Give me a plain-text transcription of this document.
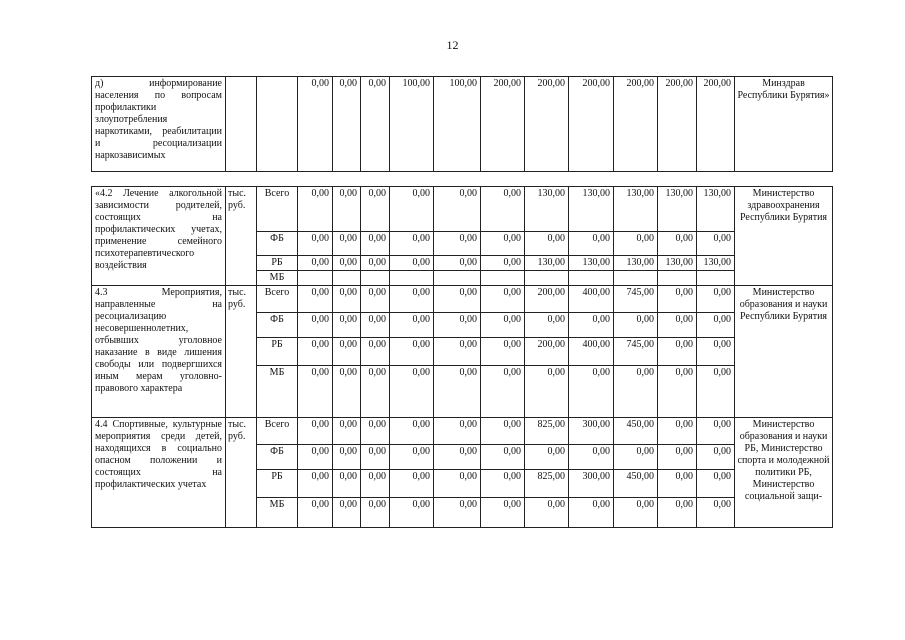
12
д) информирование населения по вопросам профилактики злоупотребления наркотиками, реабилитации и ресоциализации наркозависимых			0,00	0,00	0,00	100,00	100,00	200,00	200,00	200,00	200,00	200,00	200,00	Минздрав Республики Бурятия»
«4.2 Лечение алкогольной зависимости родителей, состоящих на профилактических учетах, применение семейного психотерапевтического воздействия	тыс. руб.	Всего	0,00	0,00	0,00	0,00	0,00	0,00	130,00	130,00	130,00	130,00	130,00	Министерство здравоохранения Республики Бурятия
		ФБ	0,00	0,00	0,00	0,00	0,00	0,00	0,00	0,00	0,00	0,00	0,00	
		РБ	0,00	0,00	0,00	0,00	0,00	0,00	130,00	130,00	130,00	130,00	130,00	
		МБ												
4.3 Мероприятия, направленные на ресоциализацию несовершеннолетних, отбывших уголовное наказание в виде лишения свободы или подвергшихся иным мерам уголовно-правового характера	тыс. руб.	Всего	0,00	0,00	0,00	0,00	0,00	0,00	200,00	400,00	745,00	0,00	0,00	Министерство образования и науки Республики Бурятия
		ФБ	0,00	0,00	0,00	0,00	0,00	0,00	0,00	0,00	0,00	0,00	0,00	
		РБ	0,00	0,00	0,00	0,00	0,00	0,00	200,00	400,00	745,00	0,00	0,00	
		МБ	0,00	0,00	0,00	0,00	0,00	0,00	0,00	0,00	0,00	0,00	0,00	
4.4 Спортивные, культурные мероприятия среди детей, находящихся в социально опасном положении и состоящих на профилактических учетах	тыс. руб.	Всего	0,00	0,00	0,00	0,00	0,00	0,00	825,00	300,00	450,00	0,00	0,00	Министерство образования и науки РБ, Министерство спорта и молодежной политики РБ, Министерство социальной защи-
		ФБ	0,00	0,00	0,00	0,00	0,00	0,00	0,00	0,00	0,00	0,00	0,00	
		РБ	0,00	0,00	0,00	0,00	0,00	0,00	825,00	300,00	450,00	0,00	0,00	
		МБ	0,00	0,00	0,00	0,00	0,00	0,00	0,00	0,00	0,00	0,00	0,00	
